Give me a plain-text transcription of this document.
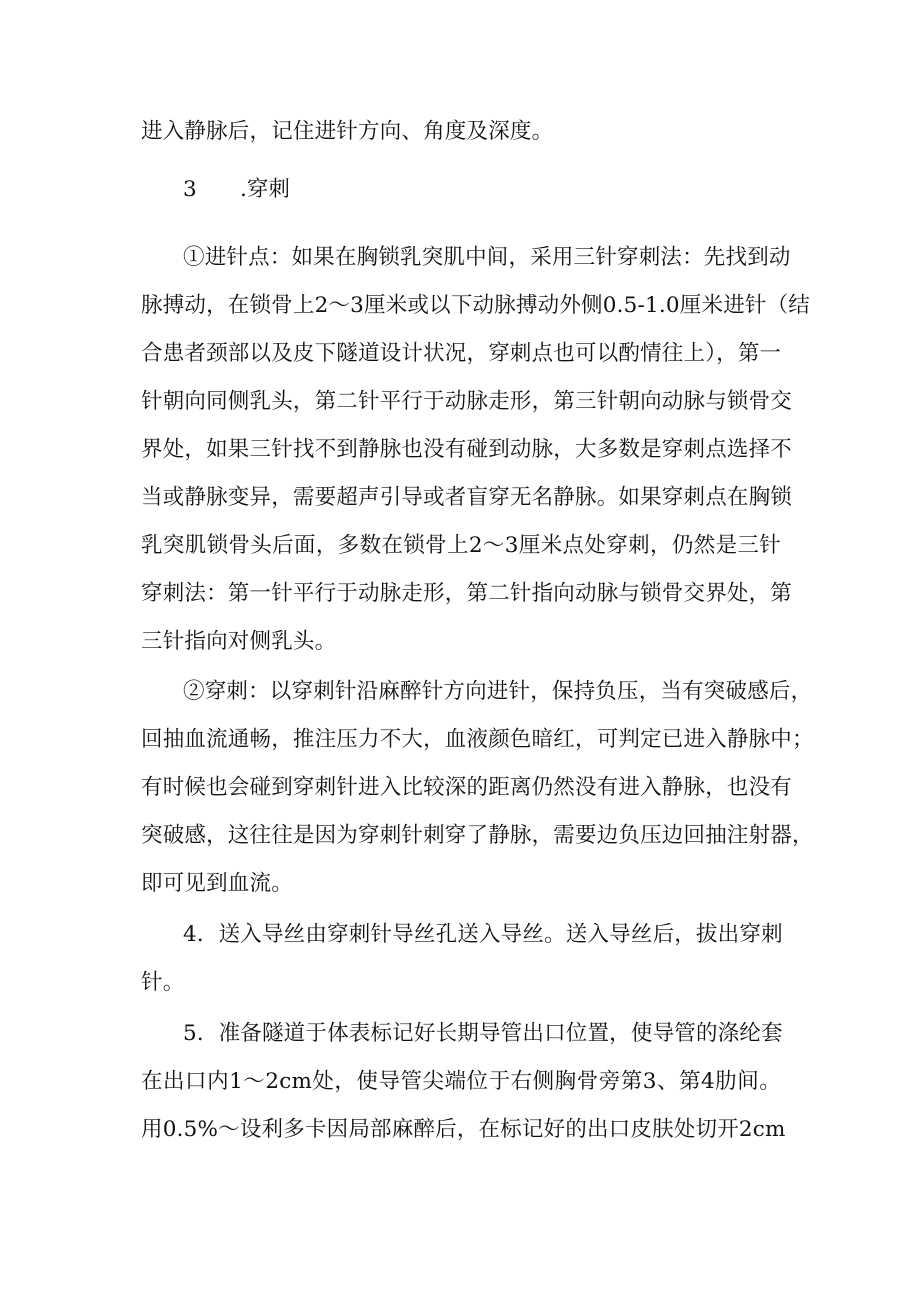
进入静脉后，记住进针方向、角度及深度。
3 .穿刺
①进针点：如果在胸锁乳突肌中间，采用三针穿刺法：先找到动
脉搏动，在锁骨上2～3厘米或以下动脉搏动外侧0.5-1.0厘米进针（结
合患者颈部以及皮下隧道设计状况，穿刺点也可以酌情往上），第一
针朝向同侧乳头，第二针平行于动脉走形，第三针朝向动脉与锁骨交
界处，如果三针找不到静脉也没有碰到动脉，大多数是穿刺点选择不
当或静脉变异，需要超声引导或者盲穿无名静脉。如果穿刺点在胸锁
乳突肌锁骨头后面，多数在锁骨上2～3厘米点处穿刺，仍然是三针
穿刺法：第一针平行于动脉走形，第二针指向动脉与锁骨交界处，第
三针指向对侧乳头。
②穿刺：以穿刺针沿麻醉针方向进针，保持负压，当有突破感后，
回抽血流通畅，推注压力不大，血液颜色暗红，可判定已进入静脉中；
有时候也会碰到穿刺针进入比较深的距离仍然没有进入静脉，也没有
突破感，这往往是因为穿刺针刺穿了静脉，需要边负压边回抽注射器，
即可见到血流。
4．送入导丝由穿刺针导丝孔送入导丝。送入导丝后，拔出穿刺
针。
5．准备隧道于体表标记好长期导管出口位置，使导管的涤纶套
在出口内1～2cm处，使导管尖端位于右侧胸骨旁第3、第4肋间。
用0.5%～设利多卡因局部麻醉后，在标记好的出口皮肤处切开2cm
